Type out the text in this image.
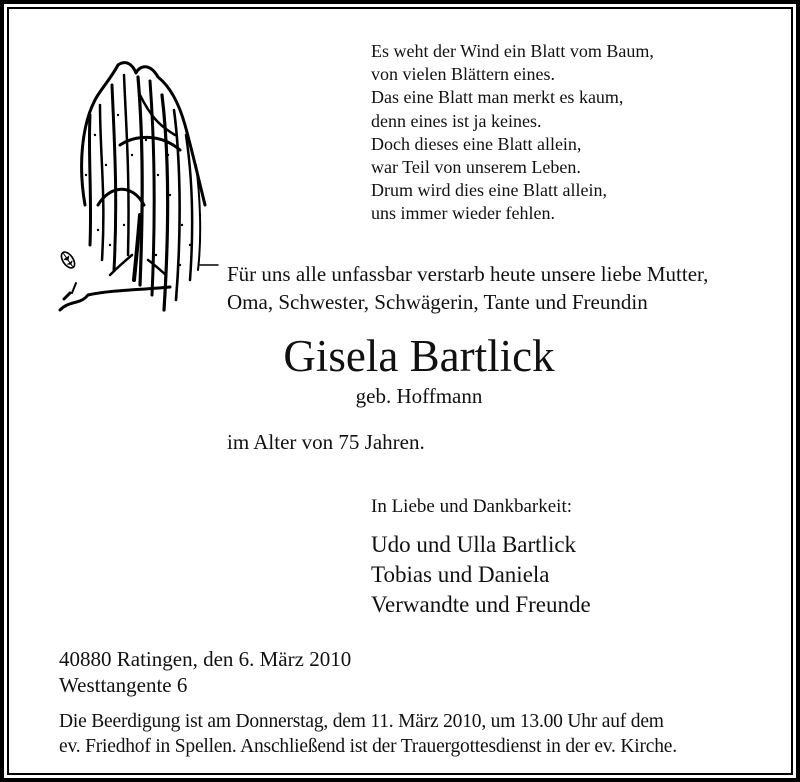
Es weht der Wind ein Blatt vom Baum,
von vielen Blättern eines.
Das eine Blatt man merkt es kaum,
denn eines ist ja keines.
Doch dieses eine Blatt allein,
war Teil von unserem Leben.
Drum wird dies eine Blatt allein,
uns immer wieder fehlen.
Für uns alle unfassbar verstarb heute unsere liebe Mutter,
Oma, Schwester, Schwägerin, Tante und Freundin
Gisela Bartlick
geb. Hoffmann
im Alter von 75 Jahren.
In Liebe und Dankbarkeit:
Udo und Ulla Bartlick
Tobias und Daniela
Verwandte und Freunde
40880 Ratingen, den 6. März 2010
Westtangente 6
Die Beerdigung ist am Donnerstag, dem 11. März 2010, um 13.00 Uhr auf dem
ev. Friedhof in Spellen. Anschließend ist der Trauergottesdienst in der ev. Kirche.
